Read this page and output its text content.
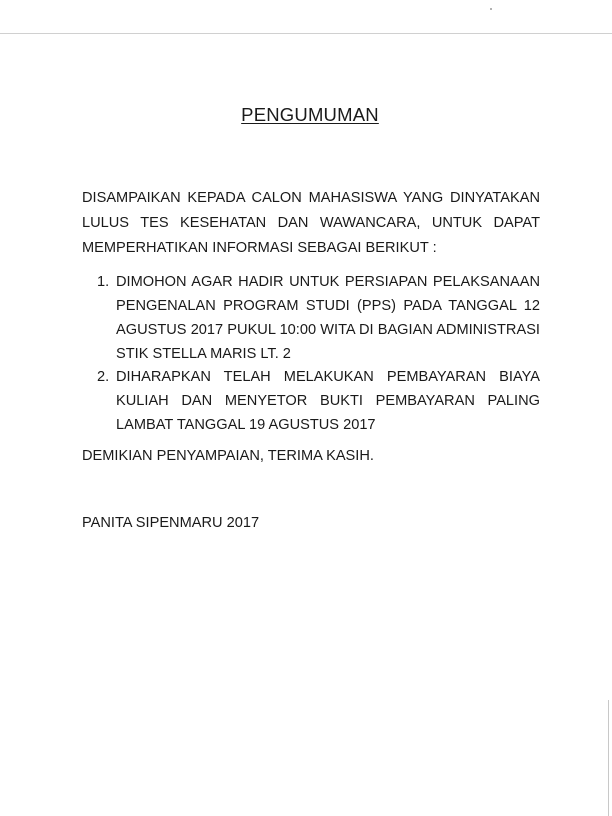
PENGUMUMAN
DISAMPAIKAN KEPADA CALON MAHASISWA YANG DINYATAKAN
LULUS TES KESEHATAN DAN WAWANCARA, UNTUK DAPAT
MEMPERHATIKAN INFORMASI SEBAGAI BERIKUT :
1. DIMOHON AGAR HADIR UNTUK PERSIAPAN PELAKSANAAN
PENGENALAN PROGRAM STUDI (PPS) PADA TANGGAL 12
AGUSTUS 2017 PUKUL 10:00 WITA DI BAGIAN ADMINISTRASI
STIK STELLA MARIS LT. 2
2. DIHARAPKAN TELAH MELAKUKAN PEMBAYARAN BIAYA
KULIAH DAN MENYETOR BUKTI PEMBAYARAN PALING
LAMBAT TANGGAL 19 AGUSTUS 2017
DEMIKIAN PENYAMPAIAN, TERIMA KASIH.
PANITA SIPENMARU 2017
